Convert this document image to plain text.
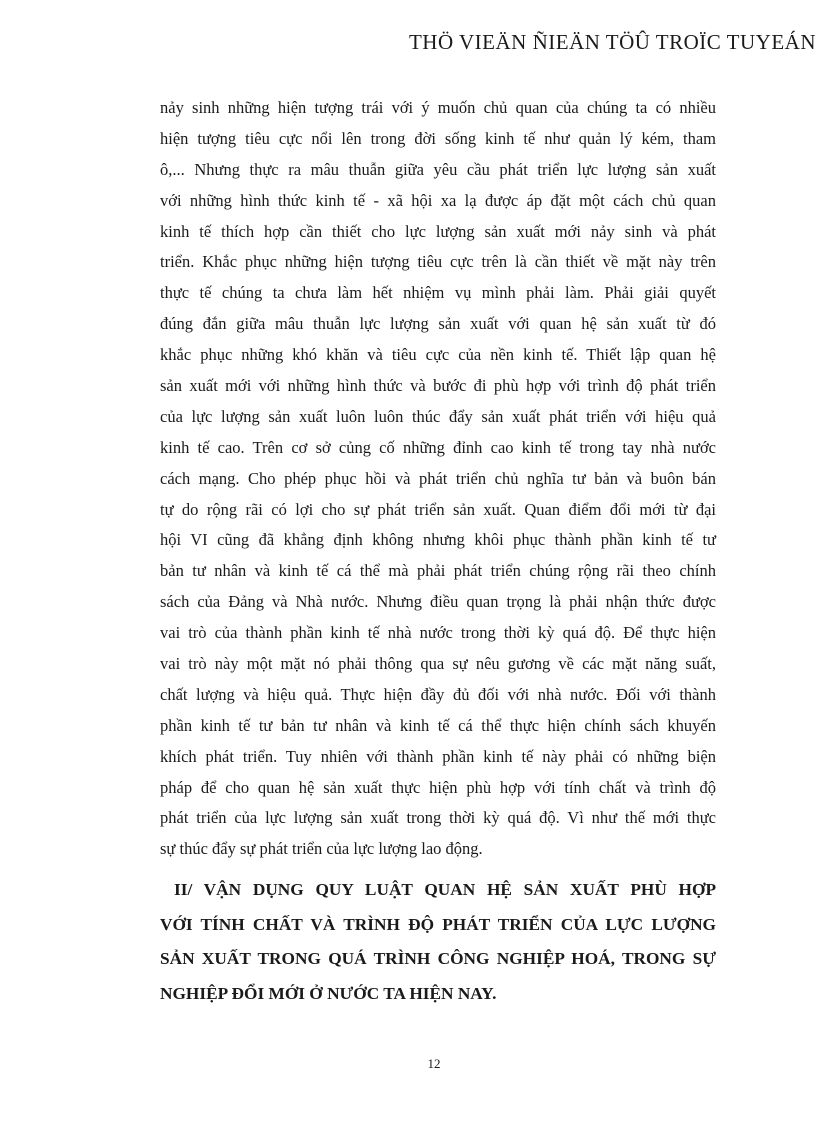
THÖ VIEÄN ÑIEÄN TÖÛ TROÏC TUYEÁN
nảy sinh những hiện tượng trái với ý muốn chủ quan của chúng ta có nhiều
hiện tượng tiêu cực nổi lên trong đời sống kinh tế như quản lý kém, tham
ô,... Nhưng thực ra mâu thuẫn giữa yêu cầu phát triển lực lượng sản xuất
với những hình thức kinh tế - xã hội xa lạ được áp đặt một cách chủ quan
kinh tế thích hợp cần thiết cho lực lượng sản xuất mới nảy sinh và phát
triển. Khắc phục những hiện tượng tiêu cực trên là cần thiết về mặt này trên
thực tế chúng ta chưa làm hết nhiệm vụ mình phải làm. Phải giải quyết
đúng đắn giữa mâu thuẫn lực lượng sản xuất với quan hệ sản xuất từ đó
khắc phục những khó khăn và tiêu cực của nền kinh tế. Thiết lập quan hệ
sản xuất mới với những hình thức và bước đi phù hợp với trình độ phát triển
của lực lượng sản xuất luôn luôn thúc đẩy sản xuất phát triển với hiệu quả
kinh tế cao. Trên cơ sở củng cố những đỉnh cao kinh tế trong tay nhà nước
cách mạng. Cho phép phục hồi và phát triển chủ nghĩa tư bản và buôn bán
tự do rộng rãi có lợi cho sự phát triển sản xuất. Quan điểm đổi mới từ đại
hội VI cũng đã khẳng định không nhưng khôi phục thành phần kinh tế tư
bản tư nhân và kinh tế cá thể mà phải phát triển chúng rộng rãi theo chính
sách của Đảng và Nhà nước. Nhưng điều quan trọng là phải nhận thức được
vai trò của thành phần kinh tế nhà nước trong thời kỳ quá độ. Để thực hiện
vai trò này một mặt nó phải thông qua sự nêu gương về các mặt năng suất,
chất lượng và hiệu quả. Thực hiện đầy đủ đối với nhà nước. Đối với thành
phần kinh tế tư bản tư nhân và kinh tế cá thể thực hiện chính sách khuyến
khích phát triển. Tuy nhiên với thành phần kinh tế này phải có những biện
pháp để cho quan hệ sản xuất thực hiện phù hợp với tính chất và trình độ
phát triển của lực lượng sản xuất trong thời kỳ quá độ. Vì như thế mới thực
sự thúc đẩy sự phát triển của lực lượng lao động.
II/ VẬN DỤNG QUY LUẬT QUAN HỆ SẢN XUẤT PHÙ HỢP
VỚI TÍNH CHẤT VÀ TRÌNH ĐỘ PHÁT TRIỂN CỦA LỰC LƯỢNG
SẢN XUẤT TRONG QUÁ TRÌNH CÔNG NGHIỆP HOÁ, TRONG SỰ
NGHIỆP ĐỔI MỚI Ở NƯỚC TA HIỆN NAY.
12
